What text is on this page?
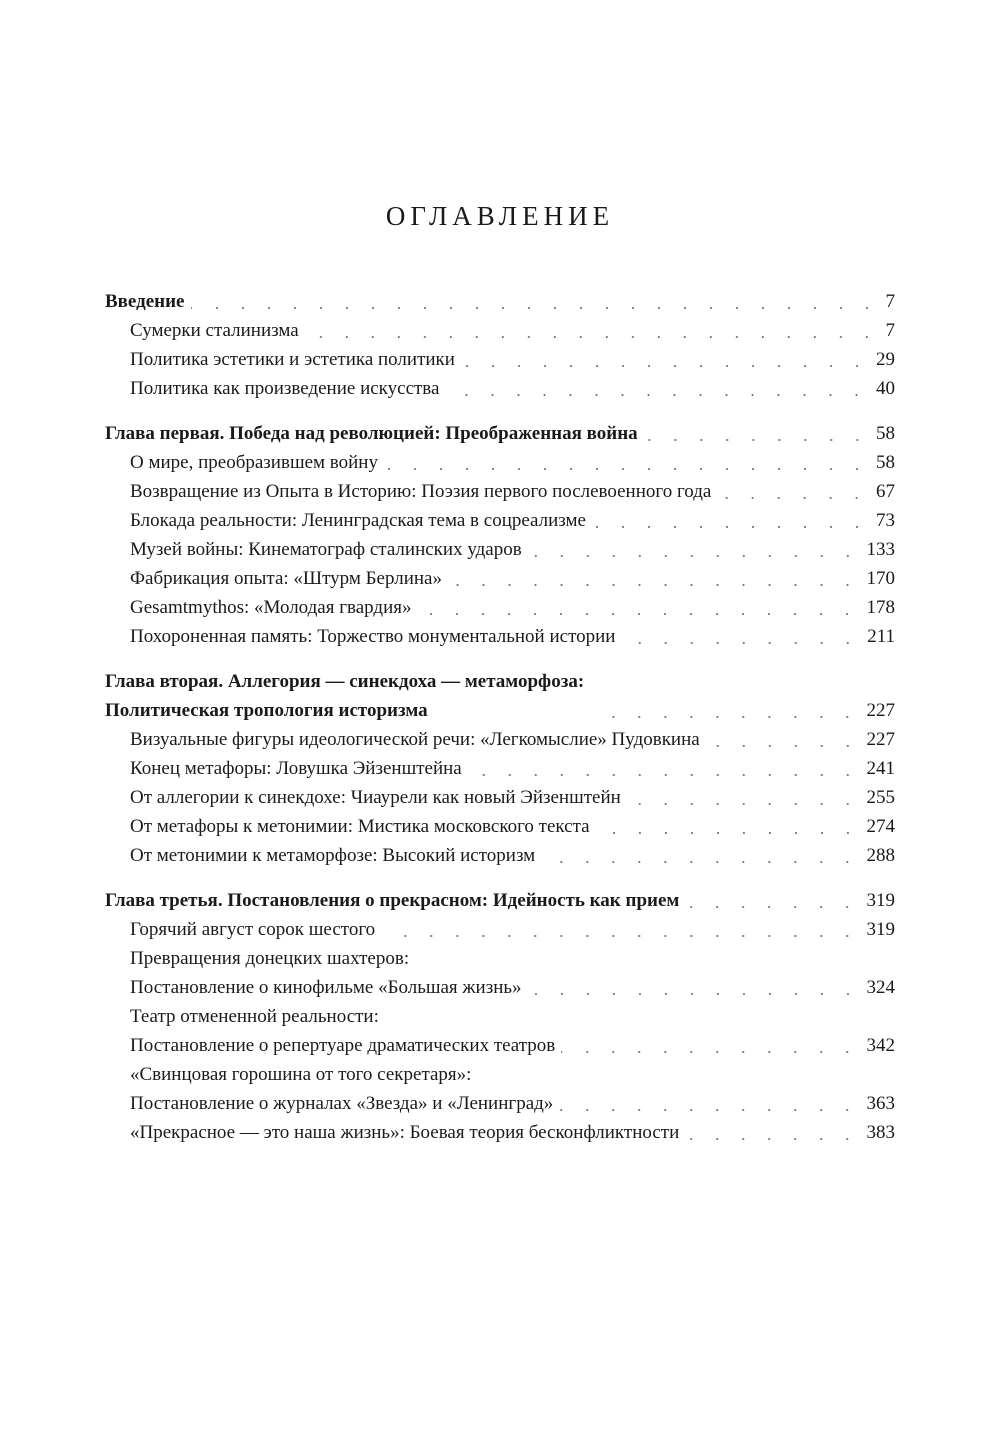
ОГЛАВЛЕНИЕ
Введение	7
Сумерки сталинизма	7
Политика эстетики и эстетика политики	29
Политика как произведение искусства	40
Глава первая. Победа над революцией: Преображенная война	58
О мире, преобразившем войну	58
Возвращение из Опыта в Историю: Поэзия первого послевоенного года	67
Блокада реальности: Ленинградская тема в соцреализме	73
Музей войны: Кинематограф сталинских ударов	133
Фабрикация опыта: «Штурм Берлина»	170
Gesamtmythos: «Молодая гвардия»	178
Похороненная память: Торжество монументальной истории	211
Глава вторая. Аллегория — синекдоха — метаморфоза:
Политическая тропология историзма	227
Визуальные фигуры идеологической речи: «Легкомыслие» Пудовкина	227
Конец метафоры: Ловушка Эйзенштейна	241
От аллегории к синекдохе: Чиаурели как новый Эйзенштейн	255
От метафоры к метонимии: Мистика московского текста	274
От метонимии к метаморфозе: Высокий историзм	288
Глава третья. Постановления о прекрасном: Идейность как прием	319
Горячий август сорок шестого	319
Превращения донецких шахтеров:
Постановление о кинофильме «Большая жизнь»	324
Театр отмененной реальности:
Постановление о репертуаре драматических театров	342
«Свинцовая горошина от того секретаря»:
Постановление о журналах «Звезда» и «Ленинград»	363
«Прекрасное — это наша жизнь»: Боевая теория бесконфликтности	383
